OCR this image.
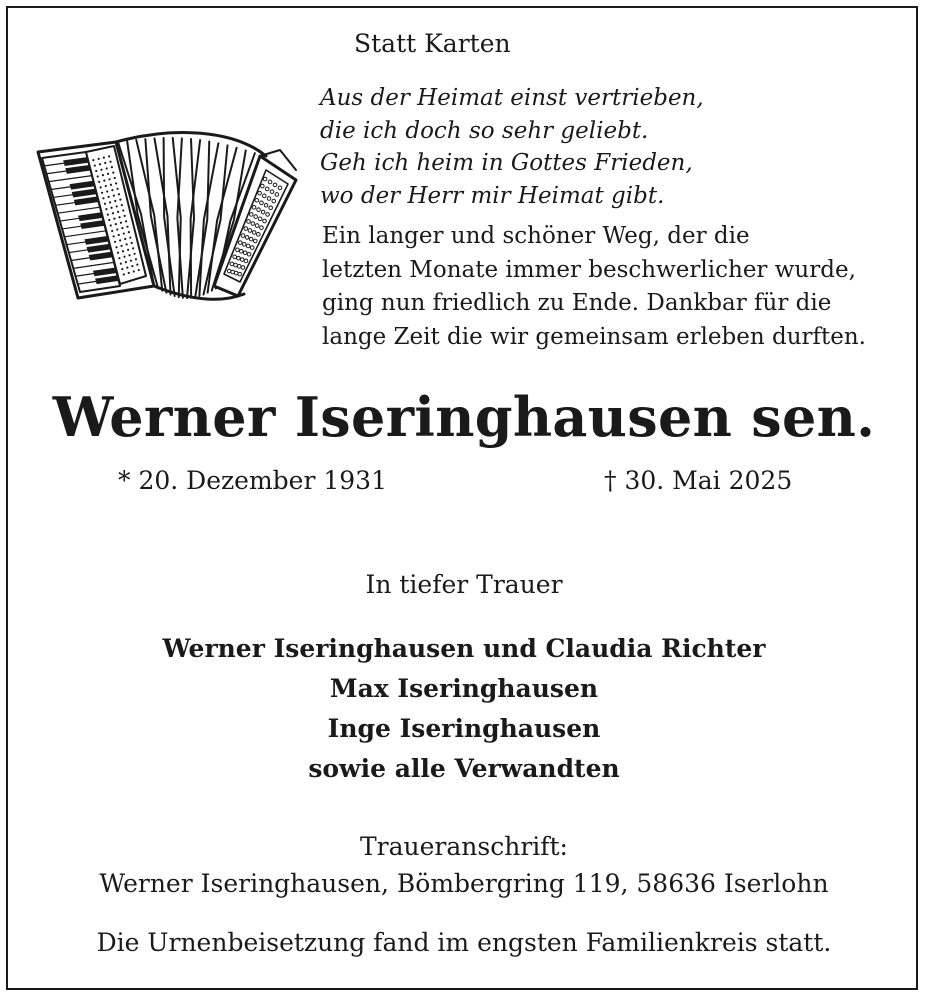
Statt Karten
Aus der Heimat einst vertrieben,
die ich doch so sehr geliebt.
Geh ich heim in Gottes Frieden,
wo der Herr mir Heimat gibt.
Ein langer und schöner Weg, der die
letzten Monate immer beschwerlicher wurde,
ging nun friedlich zu Ende. Dankbar für die
lange Zeit die wir gemeinsam erleben durften.
Werner Iseringhausen sen.
* 20. Dezember 1931	† 30. Mai 2025
In tiefer Trauer
Werner Iseringhausen und Claudia Richter
Max Iseringhausen
Inge Iseringhausen
sowie alle Verwandten
Traueranschrift:
Werner Iseringhausen, Bömbergring 119, 58636 Iserlohn
Die Urnenbeisetzung fand im engsten Familienkreis statt.
